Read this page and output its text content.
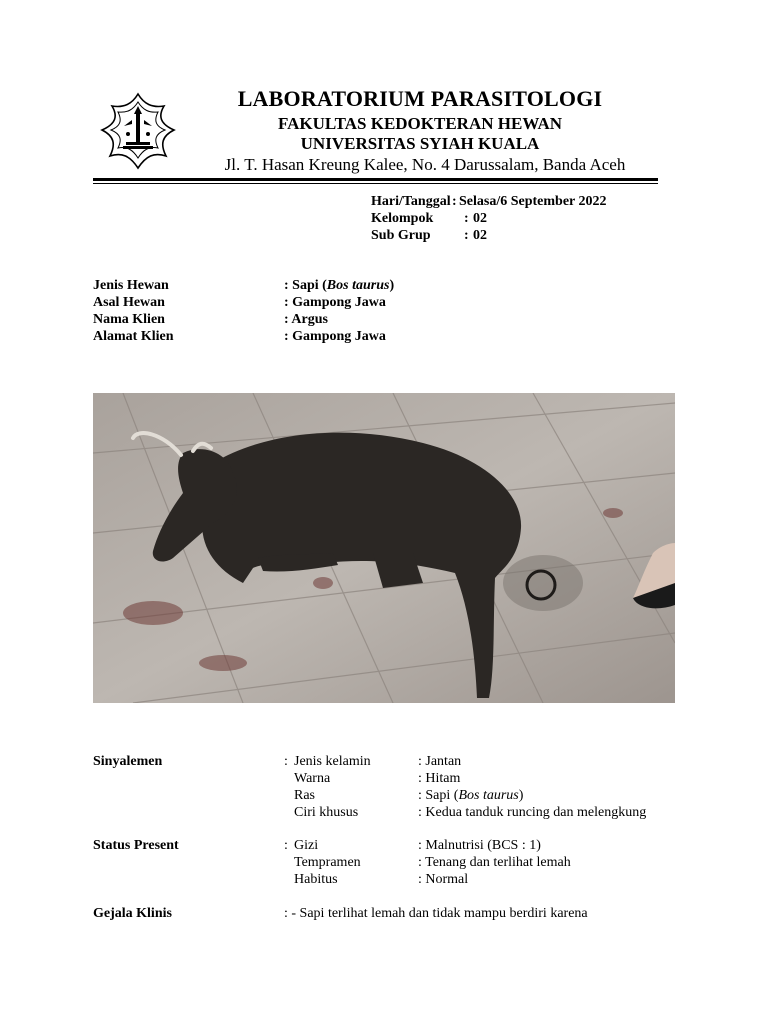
LABORATORIUM PARASITOLOGI
FAKULTAS KEDOKTERAN HEWAN
UNIVERSITAS SYIAH KUALA
Jl. T. Hasan Kreung Kalee, No. 4 Darussalam, Banda Aceh
Hari/Tanggal : Selasa/6 September 2022
Kelompok : 02
Sub Grup : 02
Jenis Hewan	: Sapi (Bos taurus)
Asal Hewan	: Gampong Jawa
Nama Klien	: Argus
Alamat Klien	: Gampong Jawa
Sinyalemen	: Jenis kelamin	: Jantan
Warna	: Hitam
Ras	: Sapi (Bos taurus)
Ciri khusus	: Kedua tanduk runcing dan melengkung
Status Present	: Gizi	: Malnutrisi (BCS : 1)
Tempramen	: Tenang dan terlihat lemah
Habitus	: Normal
Gejala Klinis	: - Sapi terlihat lemah dan tidak mampu berdiri karena
